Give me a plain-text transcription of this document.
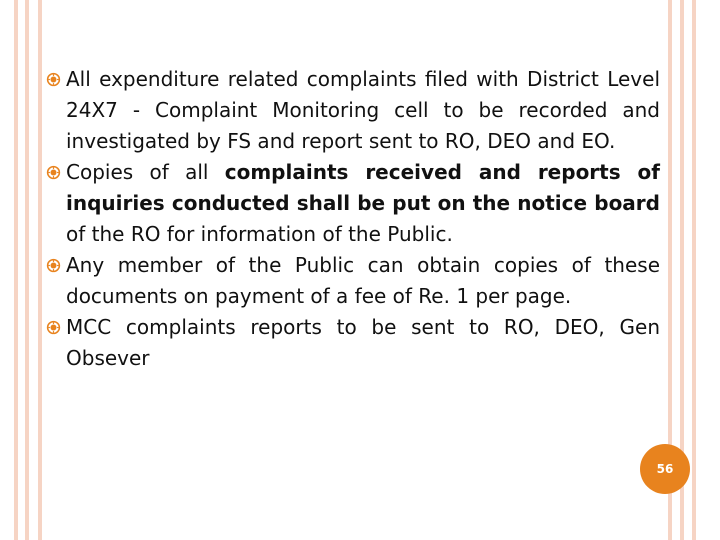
All expenditure related complaints filed with District Level 24X7 - Complaint Monitoring cell to be recorded and investigated by FS and report sent to RO, DEO and EO.
Copies of all complaints received and reports of inquiries conducted shall be put on the notice board of the RO for information of the Public.
Any member of the Public can obtain copies of these documents on payment of a fee of Re. 1 per page.
MCC complaints reports to be sent to RO, DEO, Gen Obsever
56
